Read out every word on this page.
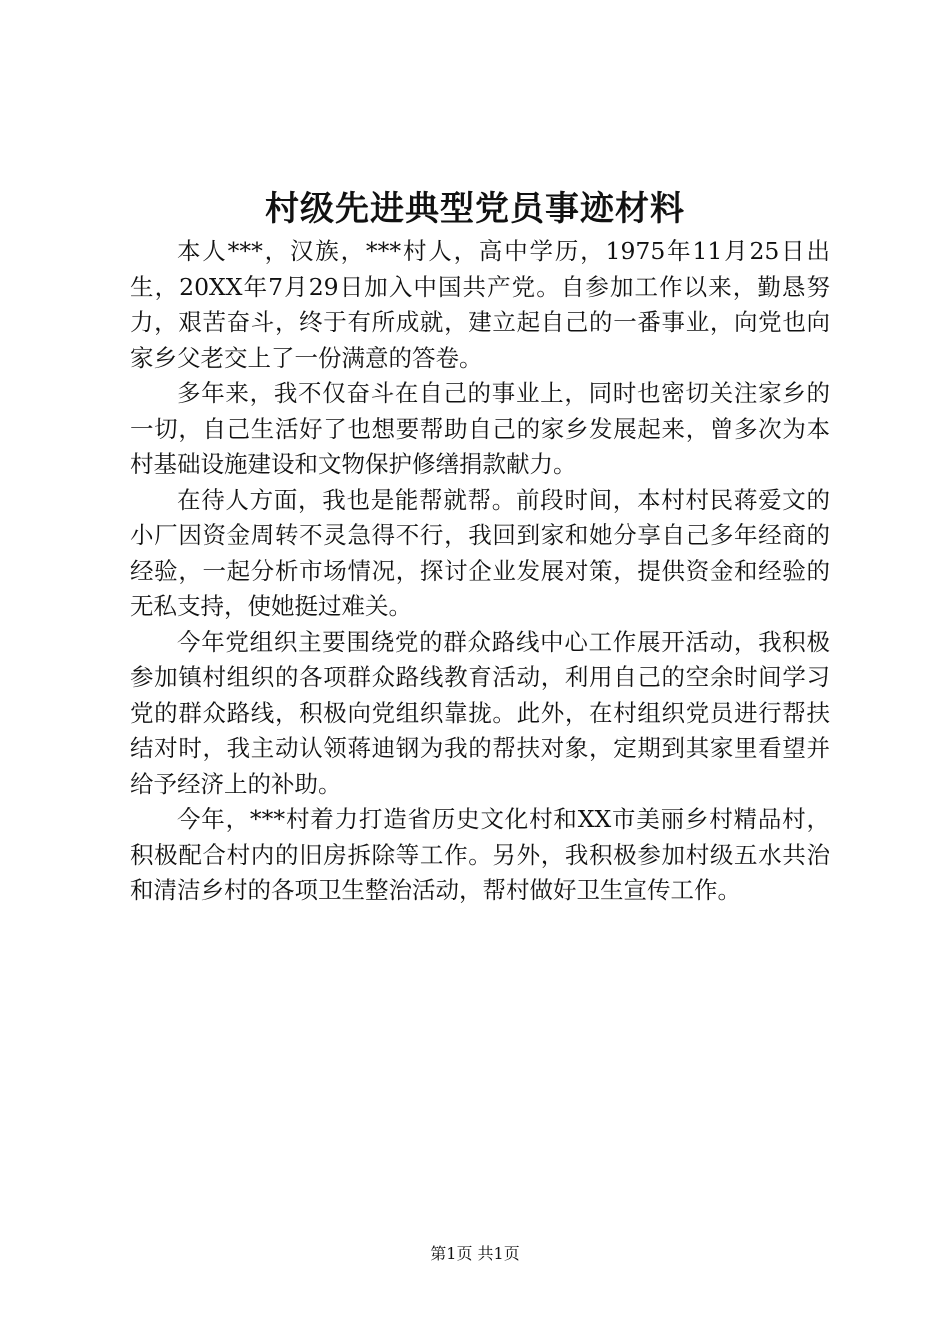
村级先进典型党员事迹材料

本人***，汉族，***村人，高中学历，1975年11月25日出生，20XX年7月29日加入中国共产党。自参加工作以来，勤恳努力，艰苦奋斗，终于有所成就，建立起自己的一番事业，向党也向家乡父老交上了一份满意的答卷。

多年来，我不仅奋斗在自己的事业上，同时也密切关注家乡的一切，自己生活好了也想要帮助自己的家乡发展起来，曾多次为本村基础设施建设和文物保护修缮捐款献力。

在待人方面，我也是能帮就帮。前段时间，本村村民蒋爱文的小厂因资金周转不灵急得不行，我回到家和她分享自己多年经商的经验，一起分析市场情况，探讨企业发展对策，提供资金和经验的无私支持，使她挺过难关。

今年党组织主要围绕党的群众路线中心工作展开活动，我积极参加镇村组织的各项群众路线教育活动，利用自己的空余时间学习党的群众路线，积极向党组织靠拢。此外，在村组织党员进行帮扶结对时，我主动认领蒋迪钢为我的帮扶对象，定期到其家里看望并给予经济上的补助。

今年，***村着力打造省历史文化村和XX市美丽乡村精品村，积极配合村内的旧房拆除等工作。另外，我积极参加村级五水共治和清洁乡村的各项卫生整治活动，帮村做好卫生宣传工作。

第1页 共1页
